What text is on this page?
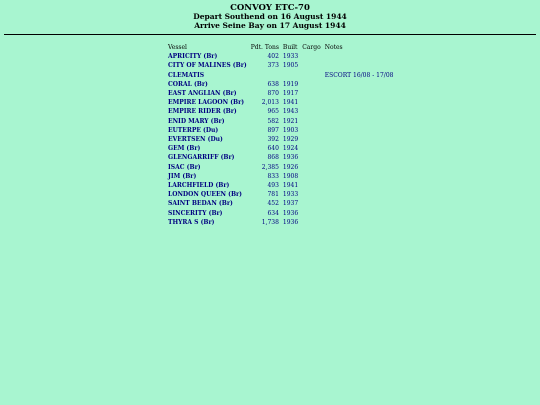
CONVOY ETC-70
Depart Southend on 16 August 1944
Arrive Seine Bay on 17 August 1944
Vessel	Pdt. Tons	Built	Cargo	Notes
APRICITY (Br)	402	1933		
CITY OF MALINES (Br)	373	1905		
CLEMATIS				ESCORT 16/08 - 17/08
CORAL (Br)	638	1919		
EAST ANGLIAN (Br)	870	1917		
EMPIRE LAGOON (Br)	2,013	1941		
EMPIRE RIDER (Br)	965	1943		
ENID MARY (Br)	582	1921		
EUTERPE (Du)	897	1903		
EVERTSEN (Du)	392	1929		
GEM (Br)	640	1924		
GLENGARRIFF (Br)	868	1936		
ISAC (Br)	2,385	1926		
JIM (Br)	833	1908		
LARCHFIELD (Br)	493	1941		
LONDON QUEEN (Br)	781	1933		
SAINT BEDAN (Br)	452	1937		
SINCERITY (Br)	634	1936		
THYRA S (Br)	1,738	1936		
